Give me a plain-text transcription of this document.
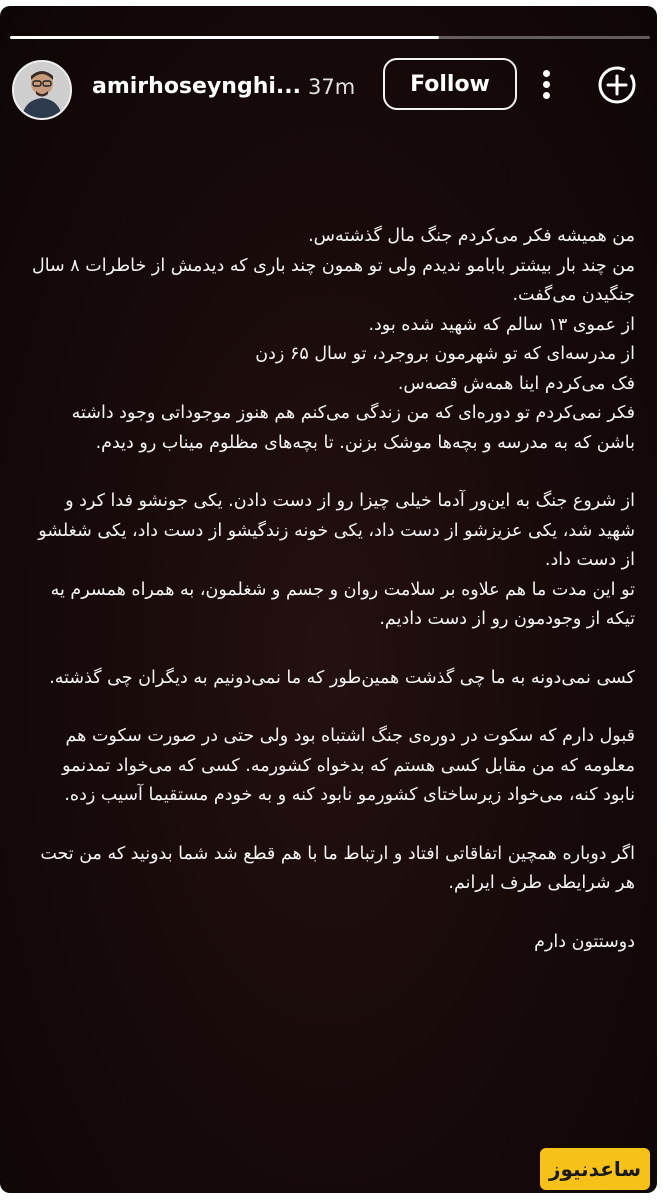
amirhoseynghi... 37m	Follow

من همیشه فکر می‌کردم جنگ مال گذشته‌س.
من چند بار بیشتر بابامو ندیدم ولی تو همون چند باری که دیدمش از خاطرات ۸ سال جنگیدن می‌گفت.
از عموی ۱۳ سالم که شهید شده بود.
از مدرسه‌ای که تو شهرمون بروجرد، تو سال ۶۵ زدن
فک می‌کردم اینا همه‌ش قصه‌س.
فکر نمی‌کردم تو دوره‌ای که من زندگی می‌کنم هم هنوز موجوداتی وجود داشته باشن که به مدرسه و بچه‌ها موشک بزنن. تا بچه‌های مظلوم میناب رو دیدم.

از شروع جنگ به این‌ور آدما خیلی چیزا رو از دست دادن. یکی جونشو فدا کرد و شهید شد، یکی عزیزشو از دست داد، یکی خونه زندگیشو از دست داد، یکی شغلشو از دست داد.
تو این مدت ما هم علاوه بر سلامت روان و جسم و شغلمون، به همراه همسرم یه تیکه از وجودمون رو از دست دادیم.

کسی نمی‌دونه به ما چی گذشت همین‌طور که ما نمی‌دونیم به دیگران چی گذشته.

قبول دارم که سکوت در دوره‌ی جنگ اشتباه بود ولی حتی در صورت سکوت هم معلومه که من مقابل کسی هستم که بدخواه کشورمه. کسی که می‌خواد تمدنمو نابود کنه، می‌خواد زیرساختای کشورمو نابود کنه و به خودم مستقیما آسیب زده.

اگر دوباره همچین اتفاقاتی افتاد و ارتباط ما با هم قطع شد شما بدونید که من تحت هر شرایطی طرف ایرانم.

دوستتون دارم

ساعدنیوز
